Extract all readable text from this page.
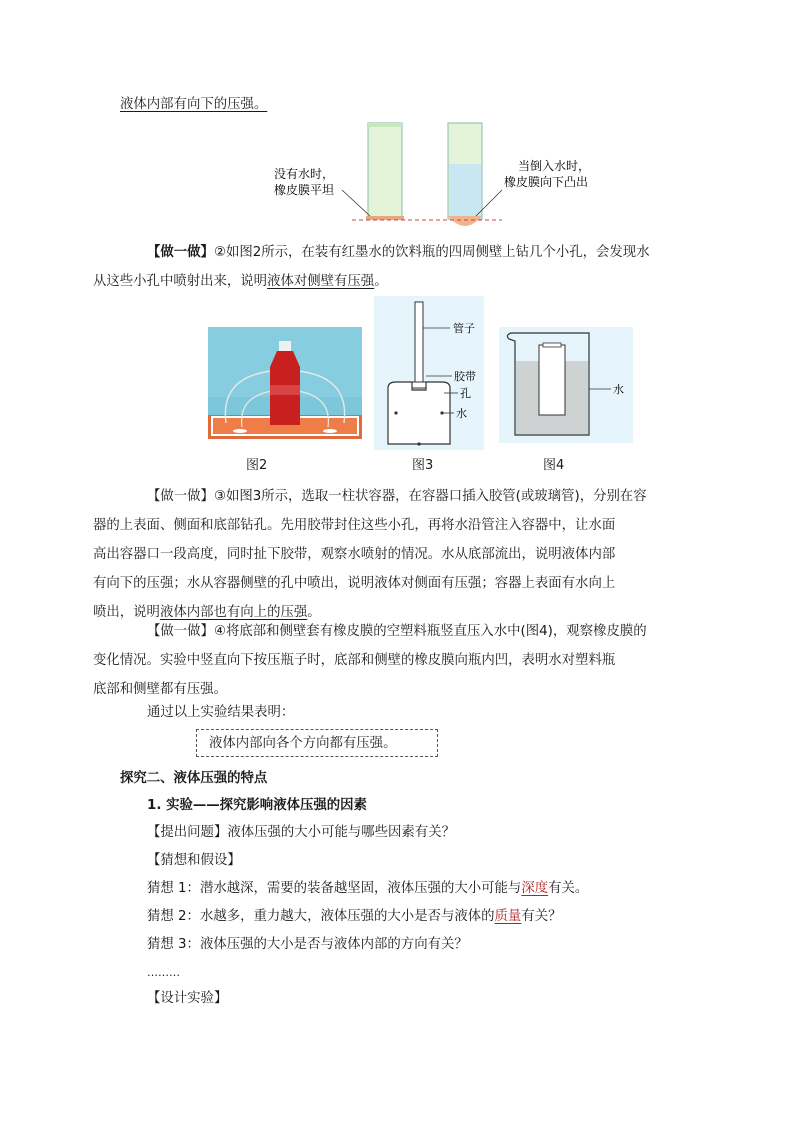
液体内部有向下的压强。

没有水时，
橡皮膜平坦
当倒入水时，
橡皮膜向下凸出

【做一做】②如图2所示，在装有红墨水的饮料瓶的四周侧壁上钻几个小孔，会发现水
从这些小孔中喷射出来，说明液体对侧壁有压强。

管子
胶带
孔
水
水
图2	图3	图4

【做一做】③如图3所示，选取一柱状容器，在容器口插入胶管(或玻璃管)，分别在容
器的上表面、侧面和底部钻孔。先用胶带封住这些小孔，再将水沿管注入容器中，让水面
高出容器口一段高度，同时扯下胶带，观察水喷射的情况。水从底部流出，说明液体内部
有向下的压强；水从容器侧壁的孔中喷出，说明液体对侧面有压强；容器上表面有水向上
喷出，说明液体内部也有向上的压强。

【做一做】④将底部和侧壁套有橡皮膜的空塑料瓶竖直压入水中(图4)，观察橡皮膜的
变化情况。实验中竖直向下按压瓶子时，底部和侧壁的橡皮膜向瓶内凹，表明水对塑料瓶
底部和侧壁都有压强。

通过以上实验结果表明：

液体内部向各个方向都有压强。

探究二、液体压强的特点

1. 实验——探究影响液体压强的因素

【提出问题】液体压强的大小可能与哪些因素有关？

【猜想和假设】

猜想 1：潜水越深，需要的装备越坚固，液体压强的大小可能与深度有关。

猜想 2：水越多，重力越大，液体压强的大小是否与液体的质量有关？

猜想 3：液体压强的大小是否与液体内部的方向有关？

………

【设计实验】
